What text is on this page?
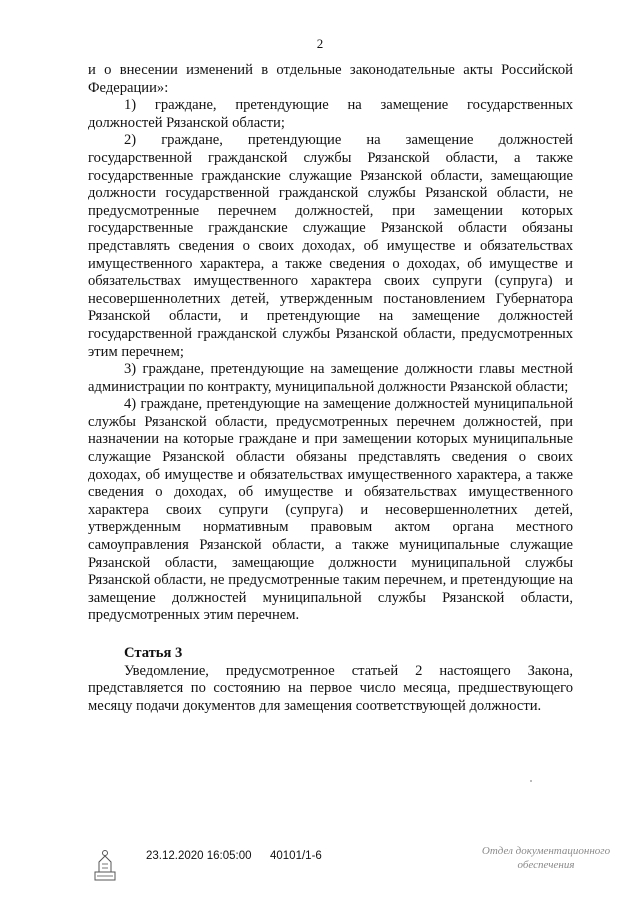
2

и о внесении изменений в отдельные законодательные акты Российской Федерации»:

1) граждане, претендующие на замещение государственных должностей Рязанской области;

2) граждане, претендующие на замещение должностей государственной гражданской службы Рязанской области, а также государственные гражданские служащие Рязанской области, замещающие должности государственной гражданской службы Рязанской области, не предусмотренные перечнем должностей, при замещении которых государственные гражданские служащие Рязанской области обязаны представлять сведения о своих доходах, об имуществе и обязательствах имущественного характера, а также сведения о доходах, об имуществе и обязательствах имущественного характера своих супруги (супруга) и несовершеннолетних детей, утвержденным постановлением Губернатора Рязанской области, и претендующие на замещение должностей государственной гражданской службы Рязанской области, предусмотренных этим перечнем;

3) граждане, претендующие на замещение должности главы местной администрации по контракту, муниципальной должности Рязанской области;

4) граждане, претендующие на замещение должностей муниципальной службы Рязанской области, предусмотренных перечнем должностей, при назначении на которые граждане и при замещении которых муниципальные служащие Рязанской области обязаны представлять сведения о своих доходах, об имуществе и обязательствах имущественного характера, а также сведения о доходах, об имуществе и обязательствах имущественного характера своих супруги (супруга) и несовершеннолетних детей, утвержденным нормативным правовым актом органа местного самоуправления Рязанской области, а также муниципальные служащие Рязанской области, замещающие должности муниципальной службы Рязанской области, не предусмотренные таким перечнем, и претендующие на замещение должностей муниципальной службы Рязанской области, предусмотренных этим перечнем.

Статья 3

Уведомление, предусмотренное статьей 2 настоящего Закона, представляется по состоянию на первое число месяца, предшествующего месяцу подачи документов для замещения соответствующей должности.

23.12.2020 16:05:00 40101/1-6	Отдел документационного
обеспечения
